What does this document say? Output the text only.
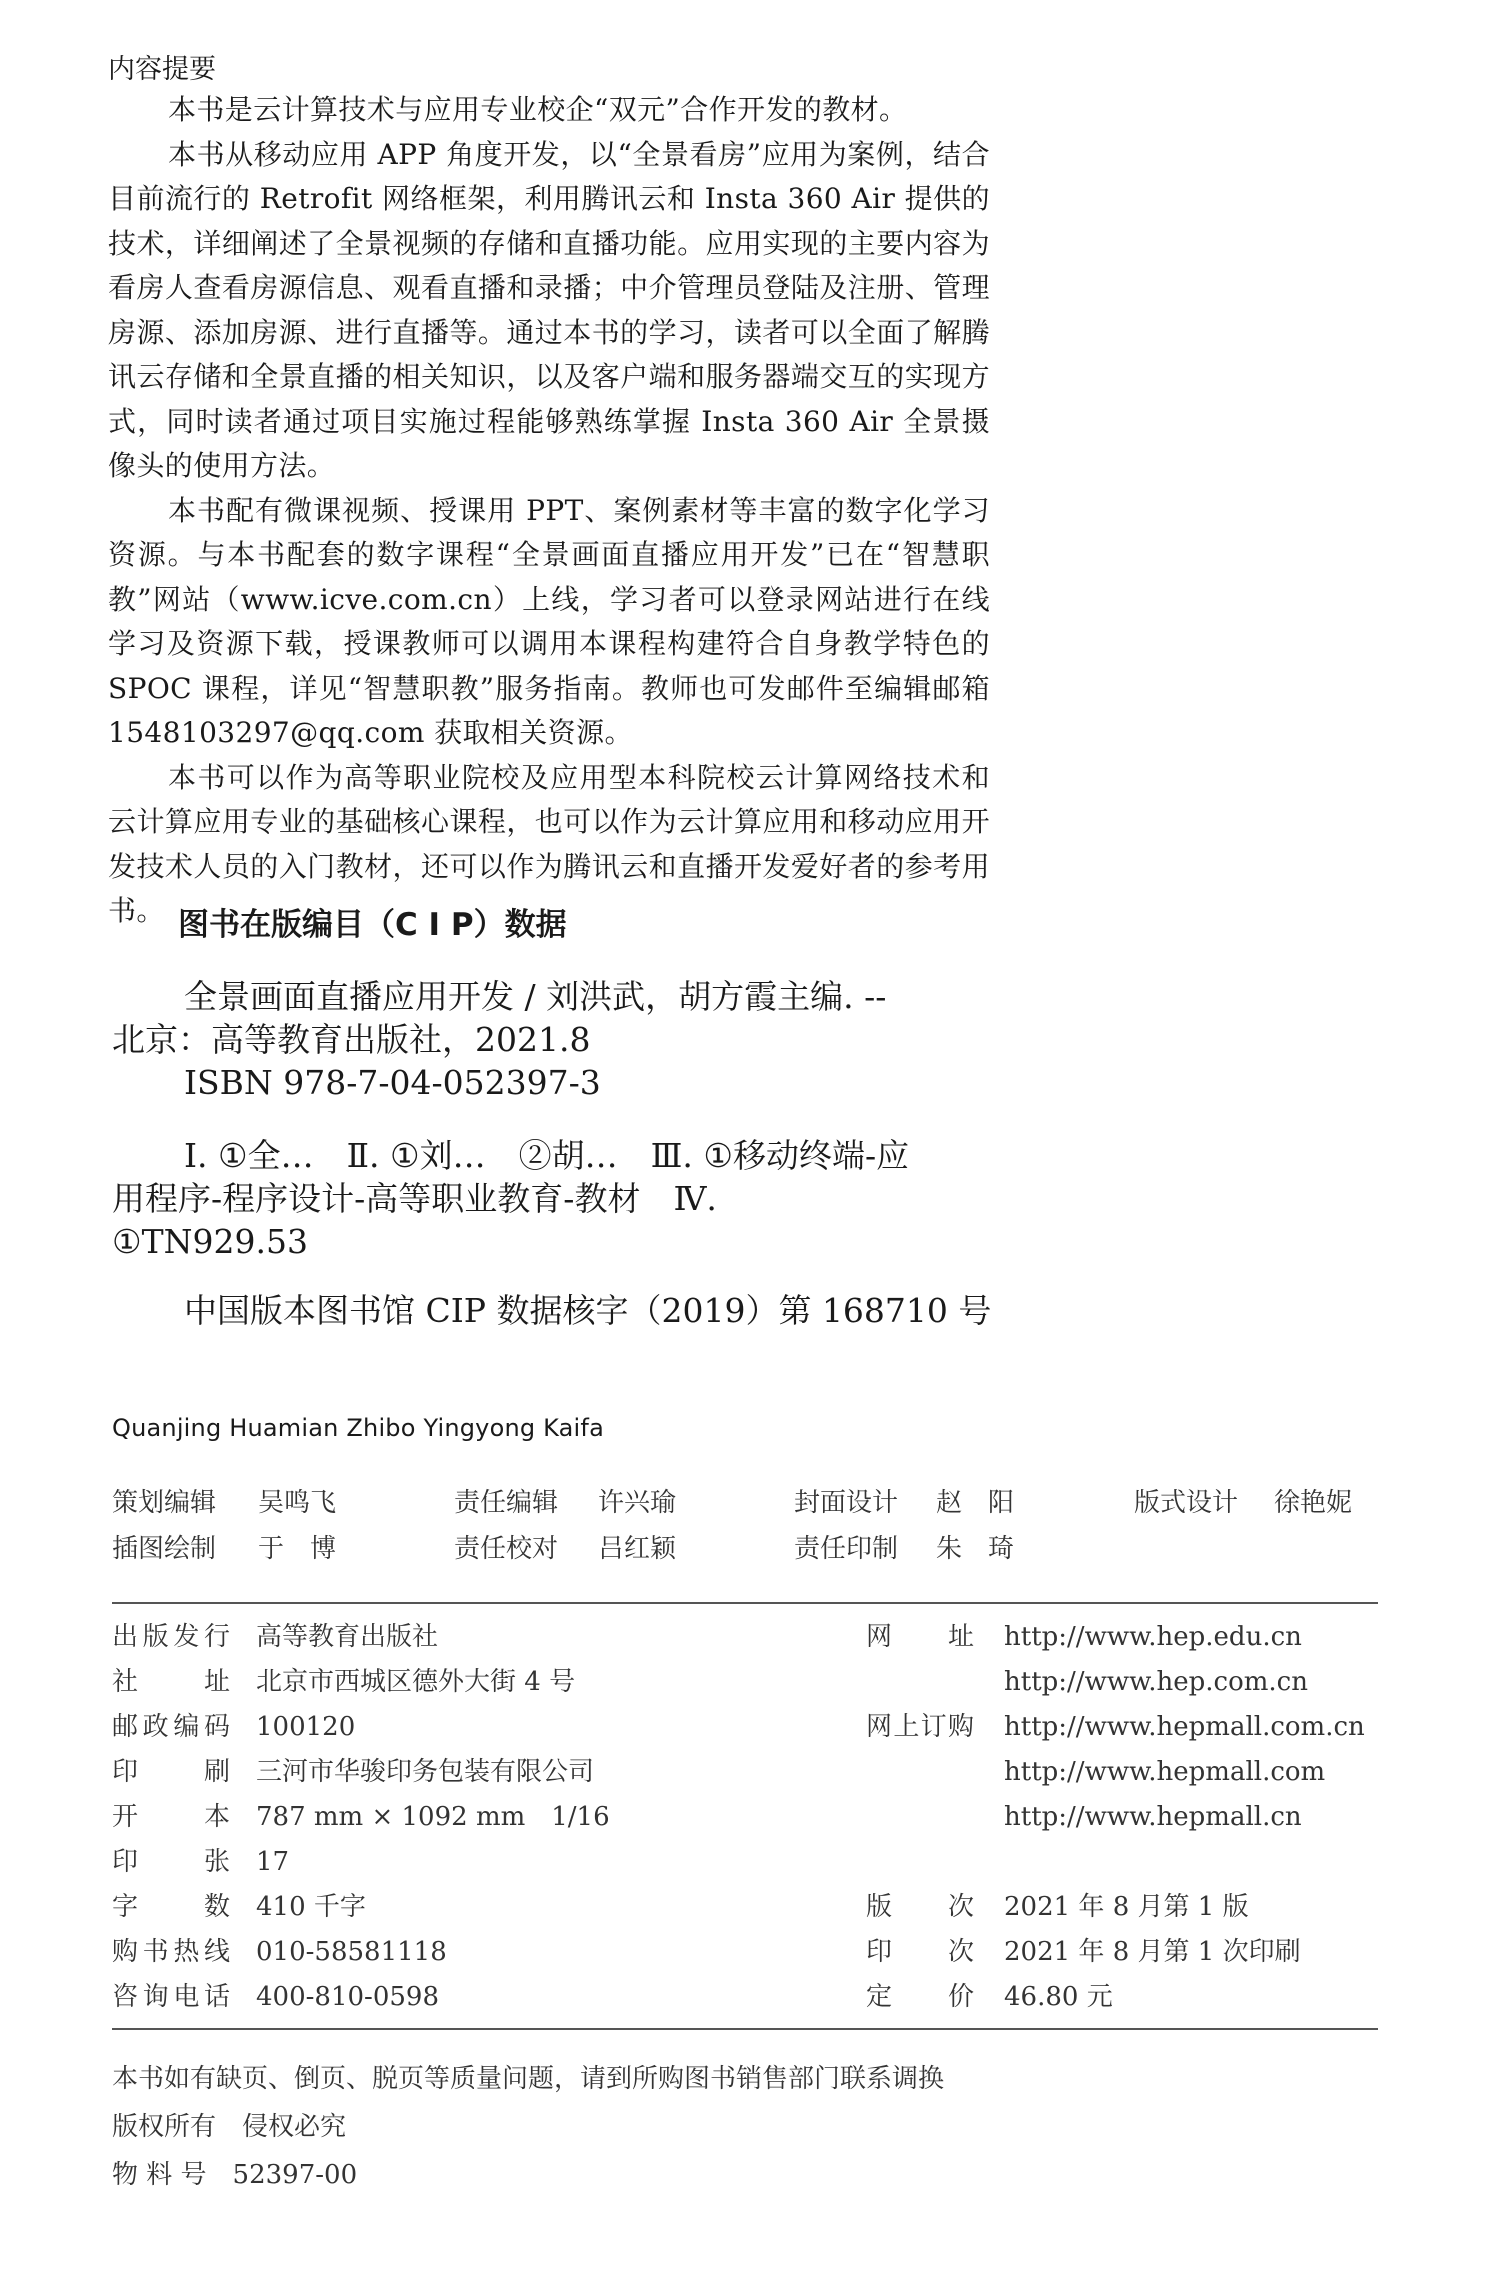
内容提要

本书是云计算技术与应用专业校企“双元”合作开发的教材。

本书从移动应用 APP 角度开发，以“全景看房”应用为案例，结合目前流行的 Retrofit 网络框架，利用腾讯云和 Insta 360 Air 提供的技术，详细阐述了全景视频的存储和直播功能。应用实现的主要内容为看房人查看房源信息、观看直播和录播；中介管理员登陆及注册、管理房源、添加房源、进行直播等。通过本书的学习，读者可以全面了解腾讯云存储和全景直播的相关知识，以及客户端和服务器端交互的实现方式，同时读者通过项目实施过程能够熟练掌握 Insta 360 Air 全景摄像头的使用方法。

本书配有微课视频、授课用 PPT、案例素材等丰富的数字化学习资源。与本书配套的数字课程“全景画面直播应用开发”已在“智慧职教”网站（www.icve.com.cn）上线，学习者可以登录网站进行在线学习及资源下载，授课教师可以调用本课程构建符合自身教学特色的 SPOC 课程，详见“智慧职教”服务指南。教师也可发邮件至编辑邮箱 1548103297@qq.com 获取相关资源。

本书可以作为高等职业院校及应用型本科院校云计算网络技术和云计算应用专业的基础核心课程，也可以作为云计算应用和移动应用开发技术人员的入门教材，还可以作为腾讯云和直播开发爱好者的参考用书。 图书在版编目（C I P）数据

全景画面直播应用开发 / 刘洪武，胡方霞主编. --

北京：高等教育出版社，2021.8

ISBN 978-7-04-052397-3

Ⅰ. ①全…　Ⅱ. ①刘…　②胡…　Ⅲ. ①移动终端-应

用程序-程序设计-高等职业教育-教材　Ⅳ.

①TN929.53

中国版本图书馆 CIP 数据核字（2019）第 168710 号

Quanjing Huamian Zhibo Yingyong Kaifa
策划编辑 吴鸣飞	责任编辑 许兴瑜	封面设计 赵　阳	版式设计 徐艳妮
插图绘制 于　博	责任校对 吕红颖	责任印制 朱　琦
出版发行 高等教育出版社	网址 http://www.hep.edu.cn
社址 北京市西城区德外大街 4 号	http://www.hep.com.cn
邮政编码 100120	网上订购 http://www.hepmall.com.cn
印刷 三河市华骏印务包装有限公司	http://www.hepmall.com
开本 787 mm × 1092 mm　1/16	http://www.hepmall.cn
印张 17
字数 410 千字	版次 2021 年 8 月第 1 版
购书热线 010-58581118	印次 2021 年 8 月第 1 次印刷
咨询电话 400-810-0598	定价 46.80 元

本书如有缺页、倒页、脱页等质量问题，请到所购图书销售部门联系调换

版权所有　 侵权必究

物 料 号　 52397-00
